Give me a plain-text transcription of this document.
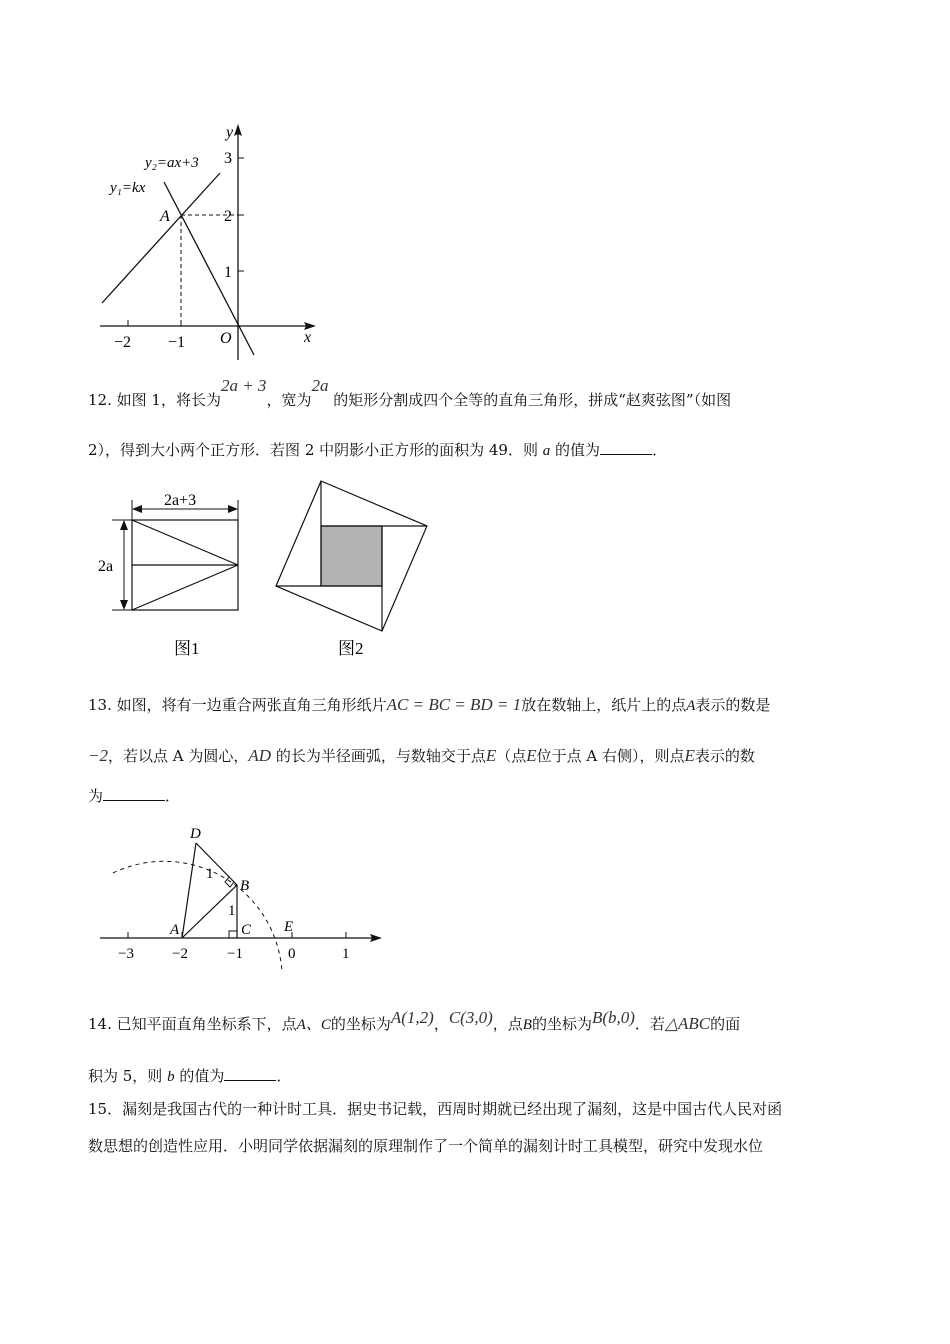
y
x
O
3
2
1
−2 −1
y₂=ax+3
y₁=kx
A
12. 如图 1，将长为2a + 3，宽为2a 的矩形分割成四个全等的直角三角形，拼成“赵爽弦图”（如图
2），得到大小两个正方形．若图 2 中阴影小正方形的面积为 49．则 a 的值为	．
2a+3
2a
图1	图2
13. 如图，将有一边重合两张直角三角形纸片AC = BC = BD = 1放在数轴上，纸片上的点A表示的数是
−2，若以点 A 为圆心，AD 的长为半径画弧，与数轴交于点E（点E位于点 A 右侧），则点E表示的数
为	．
D
B
A	C E
1
1
−3	−2	−1	0	1
14. 已知平面直角坐标系下，点A、C的坐标为A(1,2)，C(3,0)，点B的坐标为B(b,0)．若△ABC的面
积为 5，则 b 的值为	．
15．漏刻是我国古代的一种计时工具．据史书记载，西周时期就已经出现了漏刻，这是中国古代人民对函
数思想的创造性应用．小明同学依据漏刻的原理制作了一个简单的漏刻计时工具模型，研究中发现水位
